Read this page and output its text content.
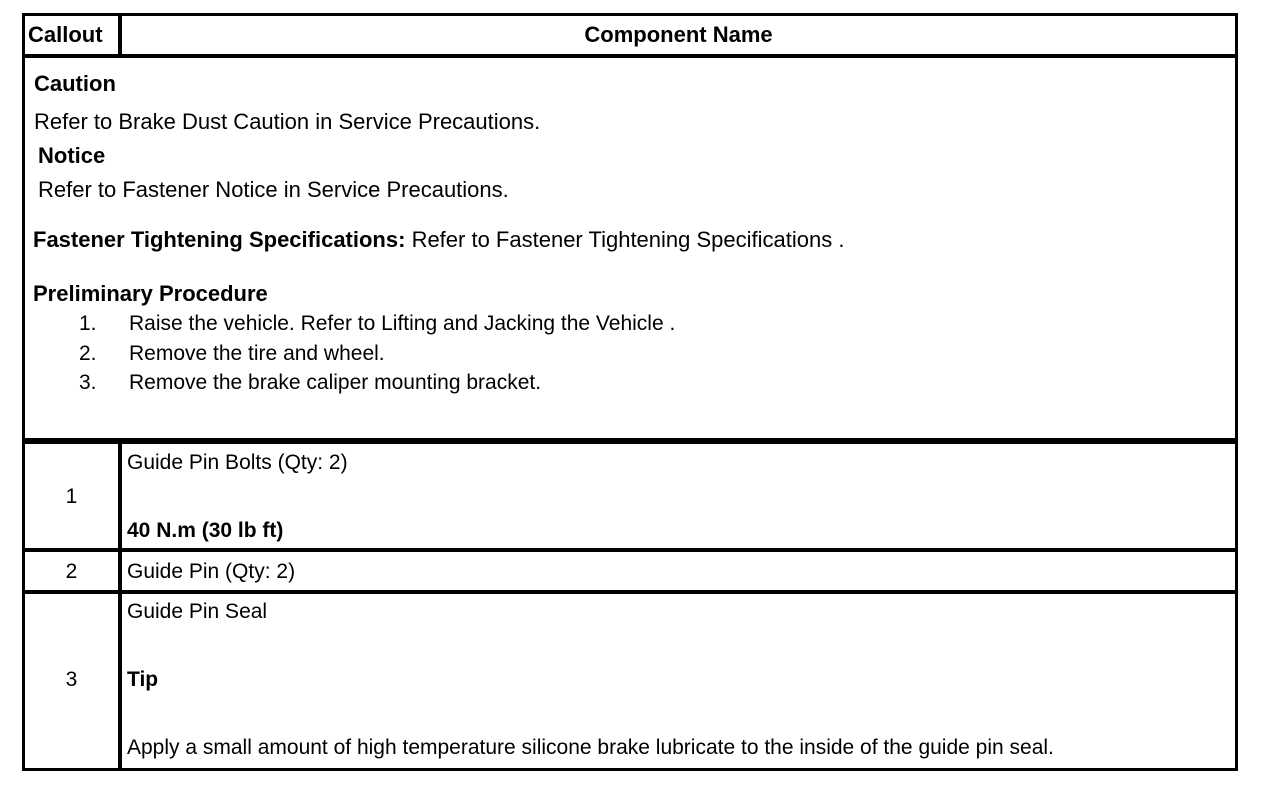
Callout	Component Name
Caution
Refer to Brake Dust Caution in Service Precautions.
Notice
Refer to Fastener Notice in Service Precautions.
Fastener Tightening Specifications: Refer to Fastener Tightening Specifications .
Preliminary Procedure
1. Raise the vehicle. Refer to Lifting and Jacking the Vehicle .
2. Remove the tire and wheel.
3. Remove the brake caliper mounting bracket.
1
Guide Pin Bolts (Qty: 2)
40 N.m (30 lb ft)
2	Guide Pin (Qty: 2)
3
Guide Pin Seal
Tip
Apply a small amount of high temperature silicone brake lubricate to the inside of the guide pin seal.
